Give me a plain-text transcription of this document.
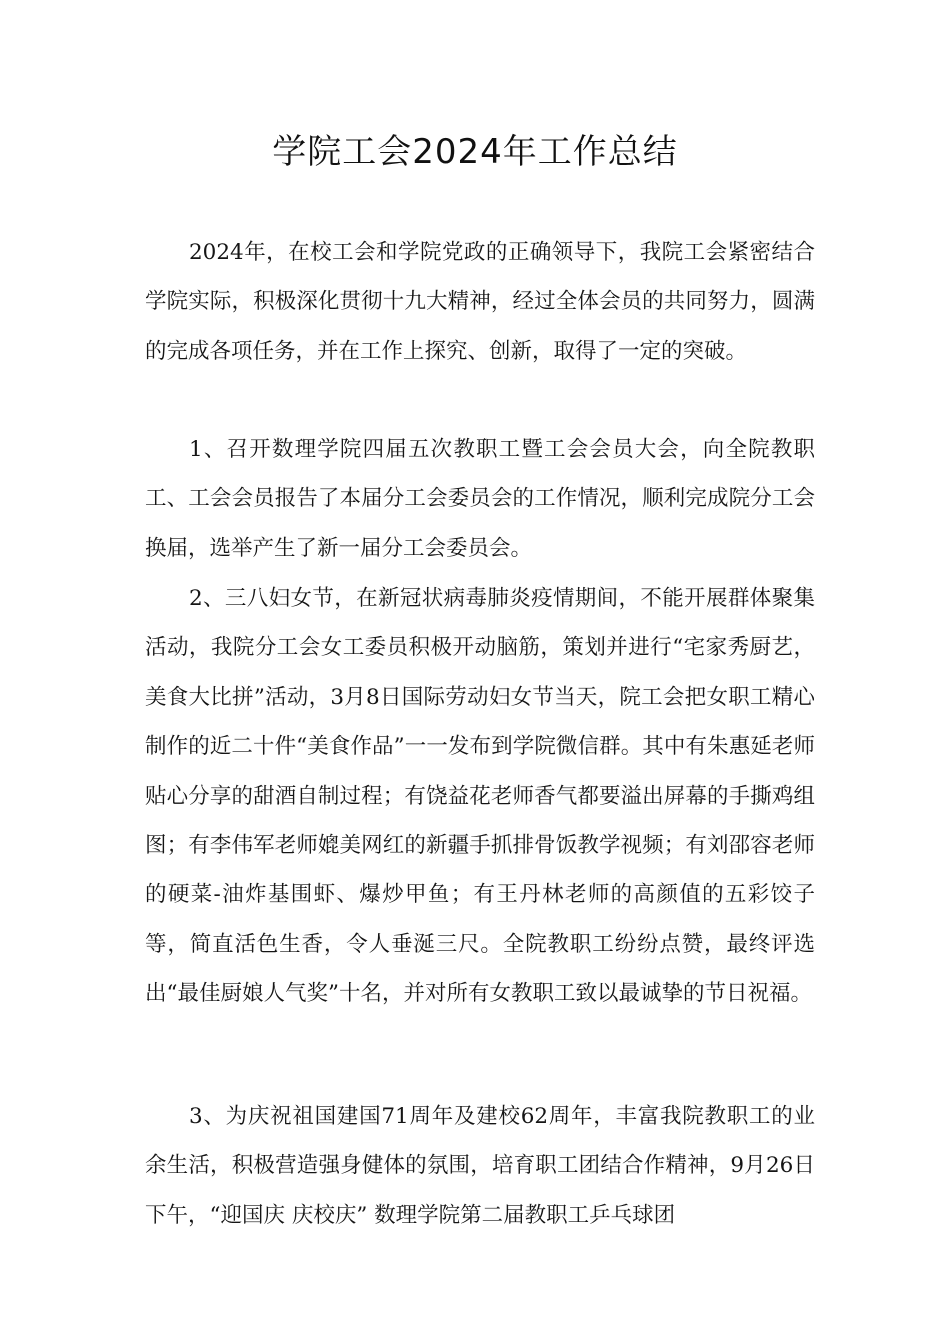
学院工会2024年工作总结

2024年，在校工会和学院党政的正确领导下，我院工会紧密结合学院实际，积极深化贯彻十九大精神，经过全体会员的共同努力，圆满的完成各项任务，并在工作上探究、创新，取得了一定的突破。

1、召开数理学院四届五次教职工暨工会会员大会，向全院教职工、工会会员报告了本届分工会委员会的工作情况，顺利完成院分工会换届，选举产生了新一届分工会委员会。

2、三八妇女节，在新冠状病毒肺炎疫情期间，不能开展群体聚集活动，我院分工会女工委员积极开动脑筋，策划并进行“宅家秀厨艺，美食大比拼”活动，3月8日国际劳动妇女节当天，院工会把女职工精心制作的近二十件“美食作品”一一发布到学院微信群。其中有朱惠延老师贴心分享的甜酒自制过程；有饶益花老师香气都要溢出屏幕的手撕鸡组图；有李伟军老师媲美网红的新疆手抓排骨饭教学视频；有刘邵容老师的硬菜-油炸基围虾、爆炒甲鱼；有王丹林老师的高颜值的五彩饺子等，简直活色生香，令人垂涎三尺。全院教职工纷纷点赞，最终评选出“最佳厨娘人气奖”十名，并对所有女教职工致以最诚挚的节日祝福。

3、为庆祝祖国建国71周年及建校62周年，丰富我院教职工的业余生活，积极营造强身健体的氛围，培育职工团结合作精神，9月26日下午，“迎国庆 庆校庆” 数理学院第二届教职工乒乓球团
